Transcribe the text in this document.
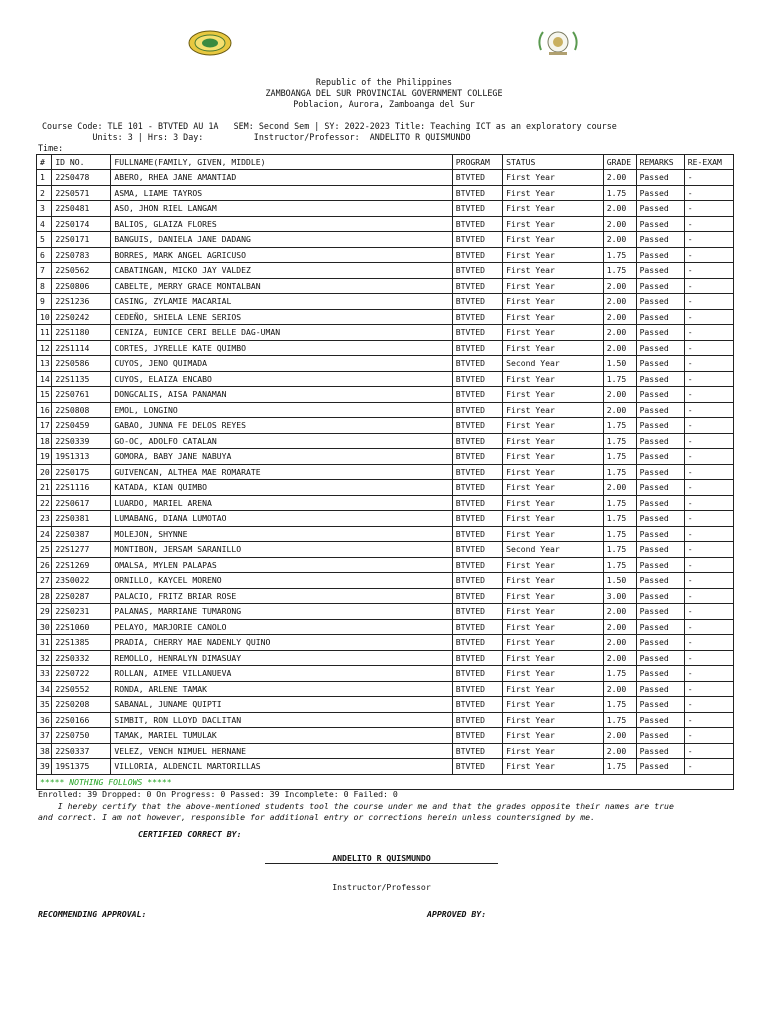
Republic of the Philippines
ZAMBOANGA DEL SUR PROVINCIAL GOVERNMENT COLLEGE
Poblacion, Aurora, Zamboanga del Sur
Course Code: TLE 101 - BTVTED AU 1A   SEM: Second Sem | SY: 2022-2023 Title: Teaching ICT as an exploratory course
Units: 3 | Hrs: 3 Day:          Instructor/Professor:  ANDELITO R QUISMUNDO
Time:
#	ID NO.	FULLNAME(FAMILY, GIVEN, MIDDLE)	PROGRAM	STATUS	GRADE	REMARKS	RE-EXAM
1	22S0478	ABERO, RHEA JANE AMANTIAD	BTVTED	First Year	2.00	Passed	-
2	22S0571	ASMA, LIAME TAYROS	BTVTED	First Year	1.75	Passed	-
3	22S0481	ASO, JHON RIEL LANGAM	BTVTED	First Year	2.00	Passed	-
4	22S0174	BALIOS, GLAIZA FLORES	BTVTED	First Year	2.00	Passed	-
5	22S0171	BANGUIS, DANIELA JANE DADANG	BTVTED	First Year	2.00	Passed	-
6	22S0783	BORRES, MARK ANGEL AGRICUSO	BTVTED	First Year	1.75	Passed	-
7	22S0562	CABATINGAN, MICKO JAY VALDEZ	BTVTED	First Year	1.75	Passed	-
8	22S0806	CABELTE, MERRY GRACE MONTALBAN	BTVTED	First Year	2.00	Passed	-
9	22S1236	CASING, ZYLAMIE MACARIAL	BTVTED	First Year	2.00	Passed	-
10	22S0242	CEDEÑO, SHIELA LENE SERIOS	BTVTED	First Year	2.00	Passed	-
11	22S1180	CENIZA, EUNICE CERI BELLE DAG-UMAN	BTVTED	First Year	2.00	Passed	-
12	22S1114	CORTES, JYRELLE KATE QUIMBO	BTVTED	First Year	2.00	Passed	-
13	22S0586	CUYOS, JENO QUIMADA	BTVTED	Second Year	1.50	Passed	-
14	22S1135	CUYOS, ELAIZA ENCABO	BTVTED	First Year	1.75	Passed	-
15	22S0761	DONGCALIS, AISA PANAMAN	BTVTED	First Year	2.00	Passed	-
16	22S0808	EMOL, LONGINO	BTVTED	First Year	2.00	Passed	-
17	22S0459	GABAO, JUNNA FE DELOS REYES	BTVTED	First Year	1.75	Passed	-
18	22S0339	GO-OC, ADOLFO CATALAN	BTVTED	First Year	1.75	Passed	-
19	19S1313	GOMORA, BABY JANE NABUYA	BTVTED	First Year	1.75	Passed	-
20	22S0175	GUIVENCAN, ALTHEA MAE ROMARATE	BTVTED	First Year	1.75	Passed	-
21	22S1116	KATADA, KIAN QUIMBO	BTVTED	First Year	2.00	Passed	-
22	22S0617	LUARDO, MARIEL ARENA	BTVTED	First Year	1.75	Passed	-
23	22S0381	LUMABANG, DIANA LUMOTAO	BTVTED	First Year	1.75	Passed	-
24	22S0387	MOLEJON, SHYNNE	BTVTED	First Year	1.75	Passed	-
25	22S1277	MONTIBON, JERSAM SARANILLO	BTVTED	Second Year	1.75	Passed	-
26	22S1269	OMALSA, MYLEN PALAPAS	BTVTED	First Year	1.75	Passed	-
27	23S0022	ORNILLO, KAYCEL MORENO	BTVTED	First Year	1.50	Passed	-
28	22S0287	PALACIO, FRITZ BRIAR ROSE	BTVTED	First Year	3.00	Passed	-
29	22S0231	PALANAS, MARRIANE TUMARONG	BTVTED	First Year	2.00	Passed	-
30	22S1060	PELAYO, MARJORIE CANOLO	BTVTED	First Year	2.00	Passed	-
31	22S1385	PRADIA, CHERRY MAE NADENLY QUINO	BTVTED	First Year	2.00	Passed	-
32	22S0332	REMOLLO, HENRALYN DIMASUAY	BTVTED	First Year	2.00	Passed	-
33	22S0722	ROLLAN, AIMEE VILLANUEVA	BTVTED	First Year	1.75	Passed	-
34	22S0552	RONDA, ARLENE TAMAK	BTVTED	First Year	2.00	Passed	-
35	22S0208	SABANAL, JUNAME QUIPTI	BTVTED	First Year	1.75	Passed	-
36	22S0166	SIMBIT, RON LLOYD DACLITAN	BTVTED	First Year	1.75	Passed	-
37	22S0750	TAMAK, MARIEL TUMULAK	BTVTED	First Year	2.00	Passed	-
38	22S0337	VELEZ, VENCH NIMUEL HERNANE	BTVTED	First Year	2.00	Passed	-
39	19S1375	VILLORIA, ALDENCIL MARTORILLAS	BTVTED	First Year	1.75	Passed	-
***** NOTHING FOLLOWS *****							
Enrolled: 39 Dropped: 0 On Progress: 0 Passed: 39 Incomplete: 0 Failed: 0
I hereby certify that the above-mentioned students tool the course under me and that the grades opposite their names are true
and correct. I am not however, responsible for additional entry or corrections herein unless countersigned by me.
CERTIFIED CORRECT BY:
ANDELITO R QUISMUNDO
Instructor/Professor
RECOMMENDING APPROVAL:	APPROVED BY:
